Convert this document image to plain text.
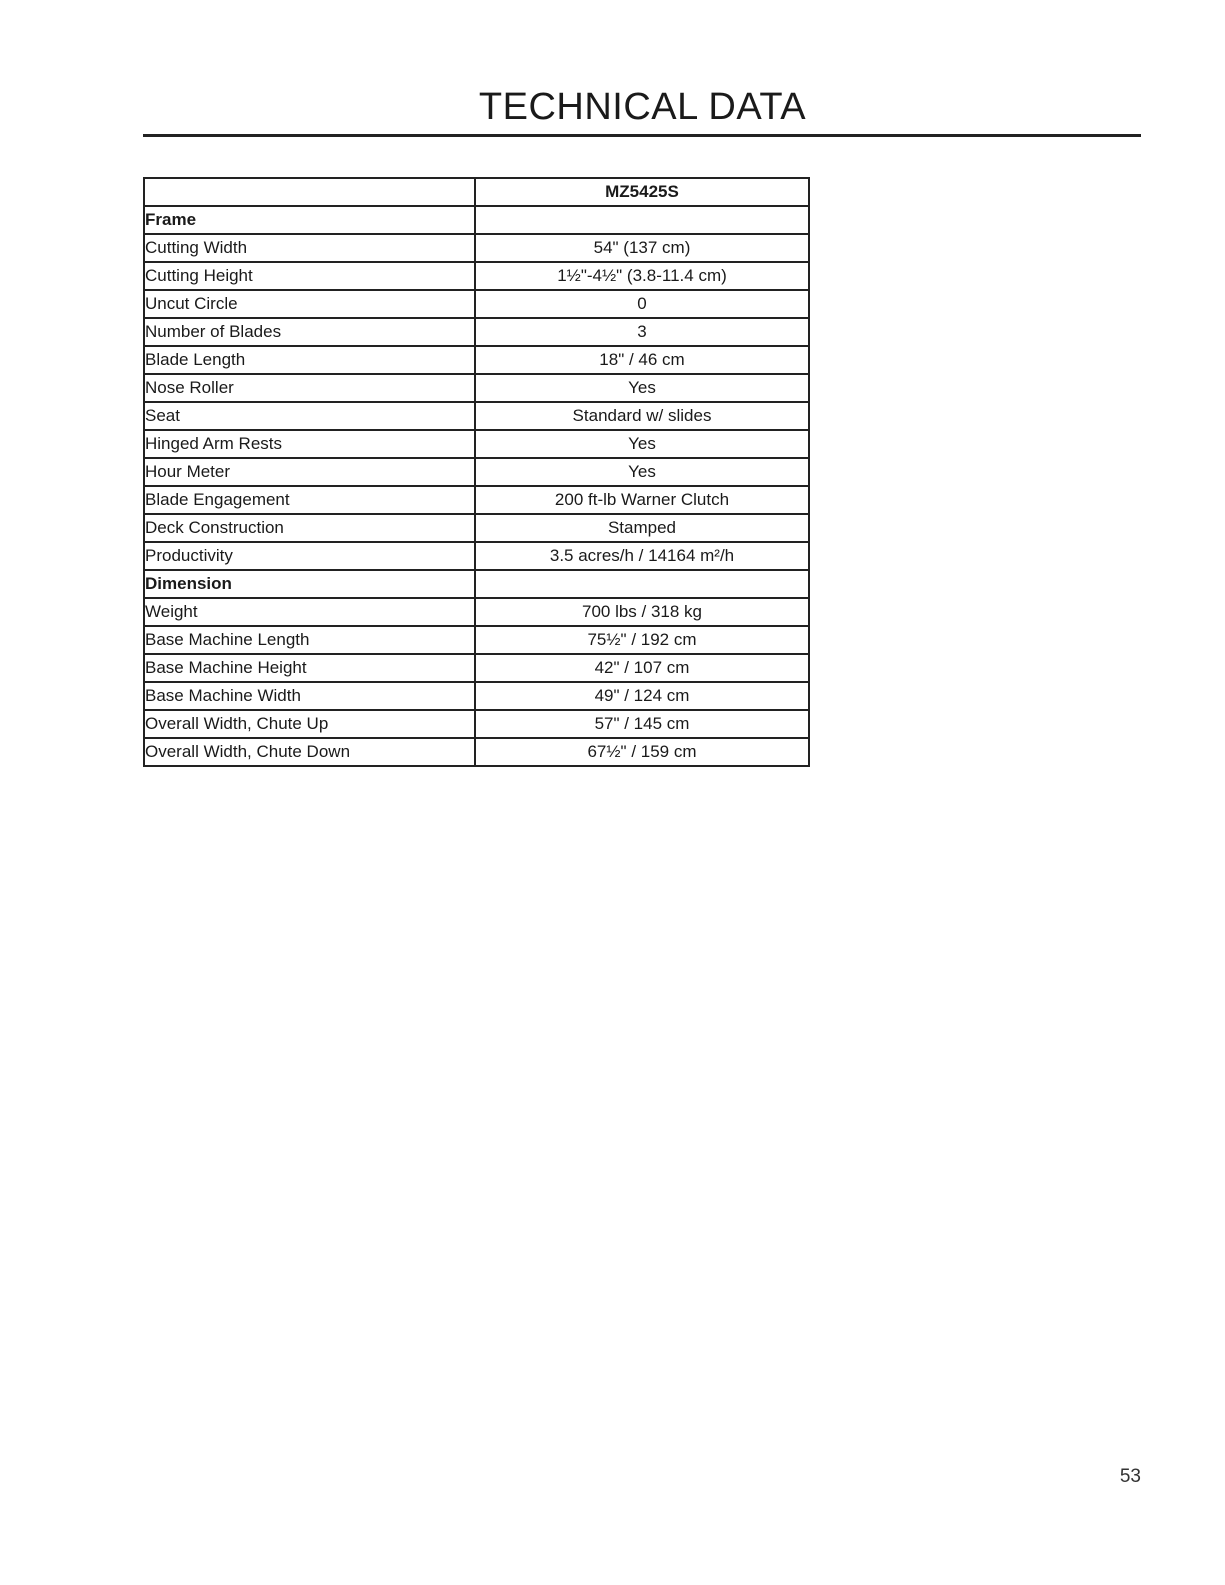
TECHNICAL DATA
	MZ5425S
Frame	
Cutting Width	54" (137 cm)
Cutting Height	1½"-4½" (3.8-11.4 cm)
Uncut Circle	0
Number of Blades	3
Blade Length	18" / 46 cm
Nose Roller	Yes
Seat	Standard w/ slides
Hinged Arm Rests	Yes
Hour Meter	Yes
Blade Engagement	200 ft-lb Warner Clutch
Deck Construction	Stamped
Productivity	3.5 acres/h / 14164 m²/h
Dimension	
Weight	700 lbs / 318 kg
Base Machine Length	75½" / 192 cm
Base Machine Height	42" / 107 cm
Base Machine Width	49" / 124 cm
Overall Width, Chute Up	57" / 145 cm
Overall Width, Chute Down	67½" / 159 cm
53
